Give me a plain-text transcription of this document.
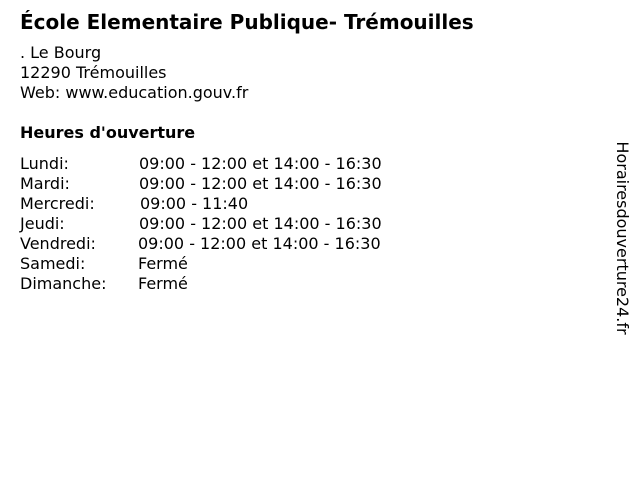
École Elementaire Publique- Trémouilles
. Le Bourg
12290 Trémouilles
Web: www.education.gouv.fr
Heures d'ouverture
Lundi:	09:00 - 12:00 et 14:00 - 16:30
Mardi:	09:00 - 12:00 et 14:00 - 16:30
Mercredi:	09:00 - 11:40
Jeudi:	09:00 - 12:00 et 14:00 - 16:30
Vendredi:	09:00 - 12:00 et 14:00 - 16:30
Samedi:	Fermé
Dimanche: Fermé	Horairesdouverture24.fr
